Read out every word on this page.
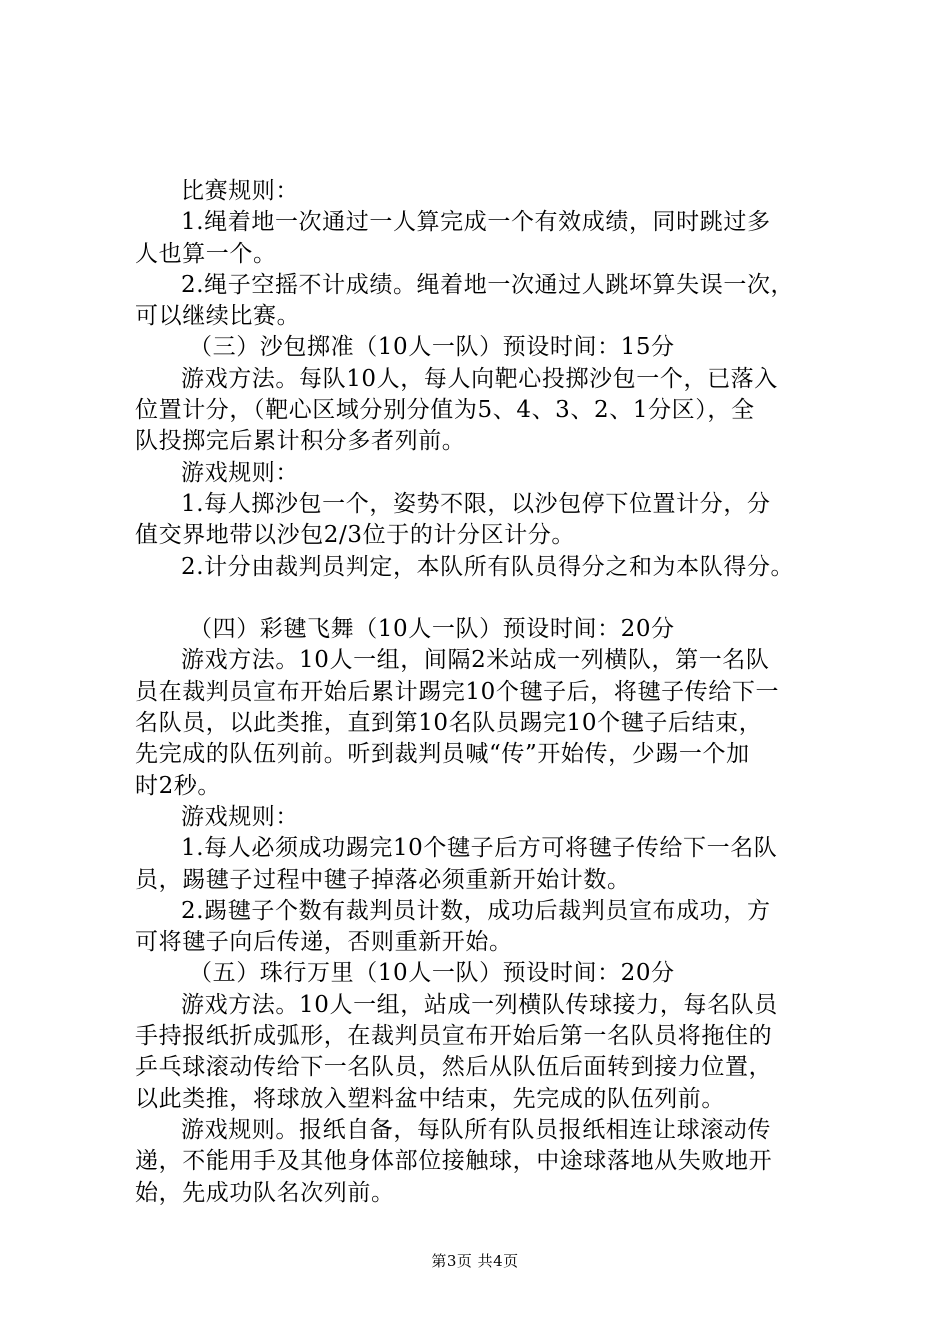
比赛规则：
1.绳着地一次通过一人算完成一个有效成绩，同时跳过多
人也算一个。
2.绳子空摇不计成绩。绳着地一次通过人跳坏算失误一次，
可以继续比赛。
（三）沙包掷准（10人一队）预设时间：15分
游戏方法。每队10人，每人向靶心投掷沙包一个，已落入
位置计分，（靶心区域分别分值为5、4、3、2、1分区），全
队投掷完后累计积分多者列前。
游戏规则：
1.每人掷沙包一个，姿势不限，以沙包停下位置计分，分
值交界地带以沙包2/3位于的计分区计分。
2.计分由裁判员判定，本队所有队员得分之和为本队得分。
（四）彩毽飞舞（10人一队）预设时间：20分
游戏方法。10人一组，间隔2米站成一列横队，第一名队
员在裁判员宣布开始后累计踢完10个毽子后，将毽子传给下一
名队员，以此类推，直到第10名队员踢完10个毽子后结束，
先完成的队伍列前。听到裁判员喊“传”开始传，少踢一个加
时2秒。
游戏规则：
1.每人必须成功踢完10个毽子后方可将毽子传给下一名队
员，踢毽子过程中毽子掉落必须重新开始计数。
2.踢毽子个数有裁判员计数，成功后裁判员宣布成功，方
可将毽子向后传递，否则重新开始。
（五）珠行万里（10人一队）预设时间：20分
游戏方法。10人一组，站成一列横队传球接力，每名队员
手持报纸折成弧形，在裁判员宣布开始后第一名队员将拖住的
乒乓球滚动传给下一名队员，然后从队伍后面转到接力位置，
以此类推，将球放入塑料盆中结束，先完成的队伍列前。
游戏规则。报纸自备，每队所有队员报纸相连让球滚动传
递，不能用手及其他身体部位接触球，中途球落地从失败地开
始，先成功队名次列前。
第3页 共4页
